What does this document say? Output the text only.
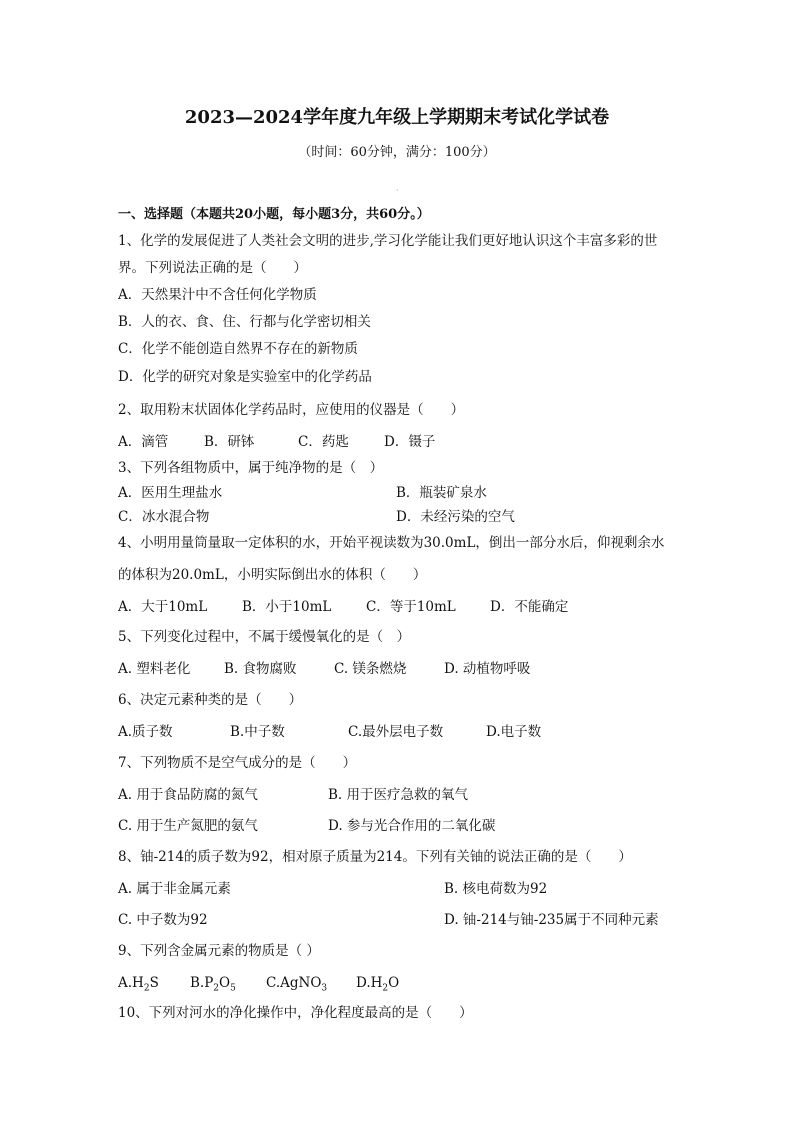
2023—2024学年度九年级上学期期末考试化学试卷
（时间：60分钟，满分：100分）
·
一、选择题（本题共20小题，每小题3分，共60分。）
1、化学的发展促进了人类社会文明的进步,学习化学能让我们更好地认识这个丰富多彩的世
界。下列说法正确的是（　　）
A．天然果汁中不含任何化学物质
B．人的衣、食、住、行都与化学密切相关
C．化学不能创造自然界不存在的新物质
D．化学的研究对象是实验室中的化学药品
2、取用粉末状固体化学药品时，应使用的仪器是（　　）
A．滴管	B．研钵	C．药匙	D．镊子
3、下列各组物质中，属于纯净物的是（　）
A．医用生理盐水	B．瓶装矿泉水
C．冰水混合物	D．未经污染的空气
4、小明用量筒量取一定体积的水，开始平视读数为30.0mL，倒出一部分水后，仰视剩余水
的体积为20.0mL，小明实际倒出水的体积（　　）
A．大于10mL	B．小于10mL	C．等于10mL	D．不能确定
5、下列变化过程中，不属于缓慢氧化的是（　）
A. 塑料老化 B. 食物腐败	C. 镁条燃烧	D. 动植物呼吸
6、决定元素种类的是（　　）
A.质子数	B.中子数	C.最外层电子数	D.电子数
7、下列物质不是空气成分的是（　　）
A. 用于食品防腐的氮气	B. 用于医疗急救的氧气
C. 用于生产氮肥的氨气	D. 参与光合作用的二氧化碳
8、铀-214的质子数为92，相对原子质量为214。下列有关铀的说法正确的是（　　）
A. 属于非金属元素	B. 核电荷数为92
C. 中子数为92	D. 铀-214与铀-235属于不同种元素
9、下列含金属元素的物质是（ ）
$A.H_2S$ $B.P_2O_5$ C.AgNO$_3$ $D.H_2O$
10、下列对河水的净化操作中，净化程度最高的是（　　）
